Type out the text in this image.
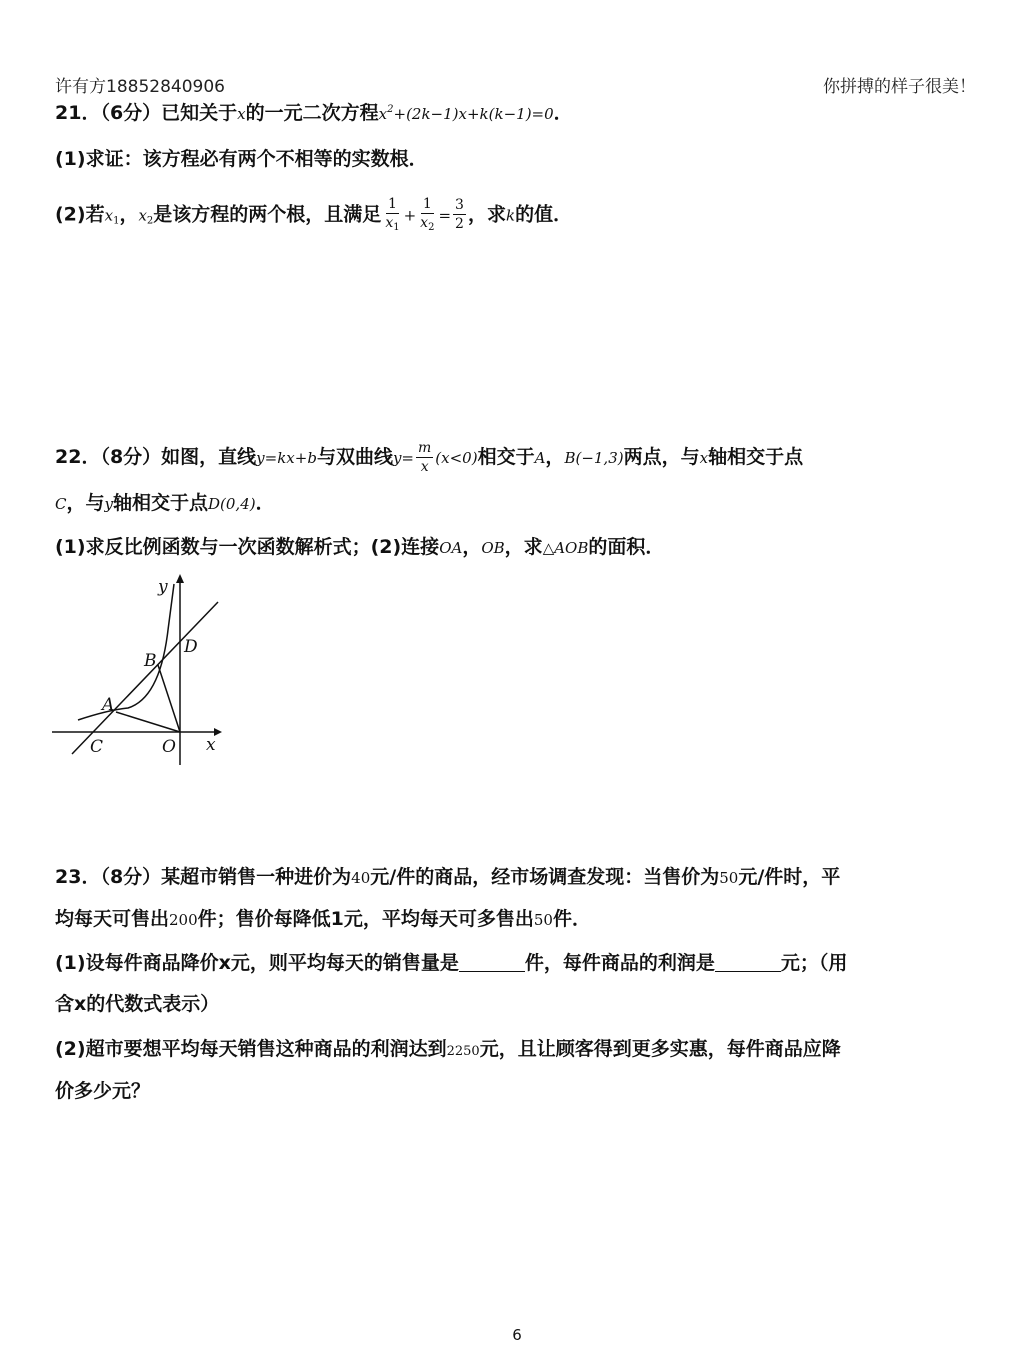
许有方18852840906	你拼搏的样子很美！
21．（6分）已知关于x的一元二次方程$x^2+(2k-1)x+k(k-1)=0$．
(1)求证：该方程必有两个不相等的实数根．
(2)若$x_1$，$x_2$是该方程的两个根，且满足 $\frac{1}{x_1} + \frac{1}{x_2} = \frac{3}{2}$ ，求k的值．
22．（8分）如图，直线y=kx+b与双曲线$y= \frac{m}{x} (x<0)$相交于A，B(−1,3)两点，与x轴相交于点
C，与y轴相交于点D(0,4)．
(1)求反比例函数与一次函数解析式；(2)连接OA，OB，求△AOB的面积．
y
D
B
A
C	O x
23．（8分）某超市销售一种进价为40元/件的商品，经市场调查发现：当售价为50元/件时，平
均每天可售出200件；售价每降低1元，平均每天可多售出50件．
(1)设每件商品降价x元，则平均每天的销售量是	件，每件商品的利润是	元；（用
含x的代数式表示）
(2)超市要想平均每天销售这种商品的利润达到2250元，且让顾客得到更多实惠，每件商品应降
价多少元？
6
